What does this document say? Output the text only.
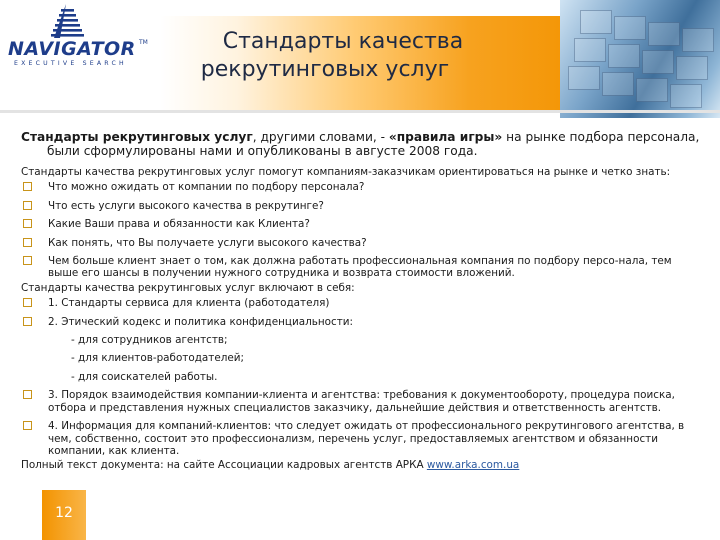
NAVIGATOR TM
EXECUTIVE SEARCH
Стандарты качества
рекрутинговых услуг
Стандарты рекрутинговых услуг, другими словами, - «правила игры» на рынке подбора персонала,
были сформулированы нами и опубликованы в августе 2008 года.
Стандарты качества рекрутинговых услуг помогут компаниям-заказчикам ориентироваться на рынке и четко знать:
Что можно ожидать от компании по подбору персонала?
Что есть услуги высокого качества в рекрутинге?
Какие Ваши права и обязанности как Клиента?
Как понять, что Вы получаете услуги высокого качества?
Чем больше клиент знает о том, как должна работать профессиональная компания по подбору персо-нала, тем выше его шансы в получении нужного сотрудника и возврата стоимости вложений.
Стандарты качества рекрутинговых услуг включают в себя:
1. Стандарты сервиса для клиента (работодателя)
2. Этический кодекс и политика конфиденциальности:
- для сотрудников агентств;
- для клиентов-работодателей;
- для соискателей работы.
3. Порядок взаимодействия компании-клиента и агентства: требования к документообороту, процедура поиска, отбора и представления нужных специалистов заказчику, дальнейшие действия и ответственность агентств.
4. Информация для компаний-клиентов: что следует ожидать от профессионального рекрутингового агентства, в чем, собственно, состоит это профессионализм, перечень услуг, предоставляемых агентством и обязанности компании, как клиента.
Полный текст документа: на сайте Ассоциации кадровых агентств АРКА www.arka.com.ua
12
